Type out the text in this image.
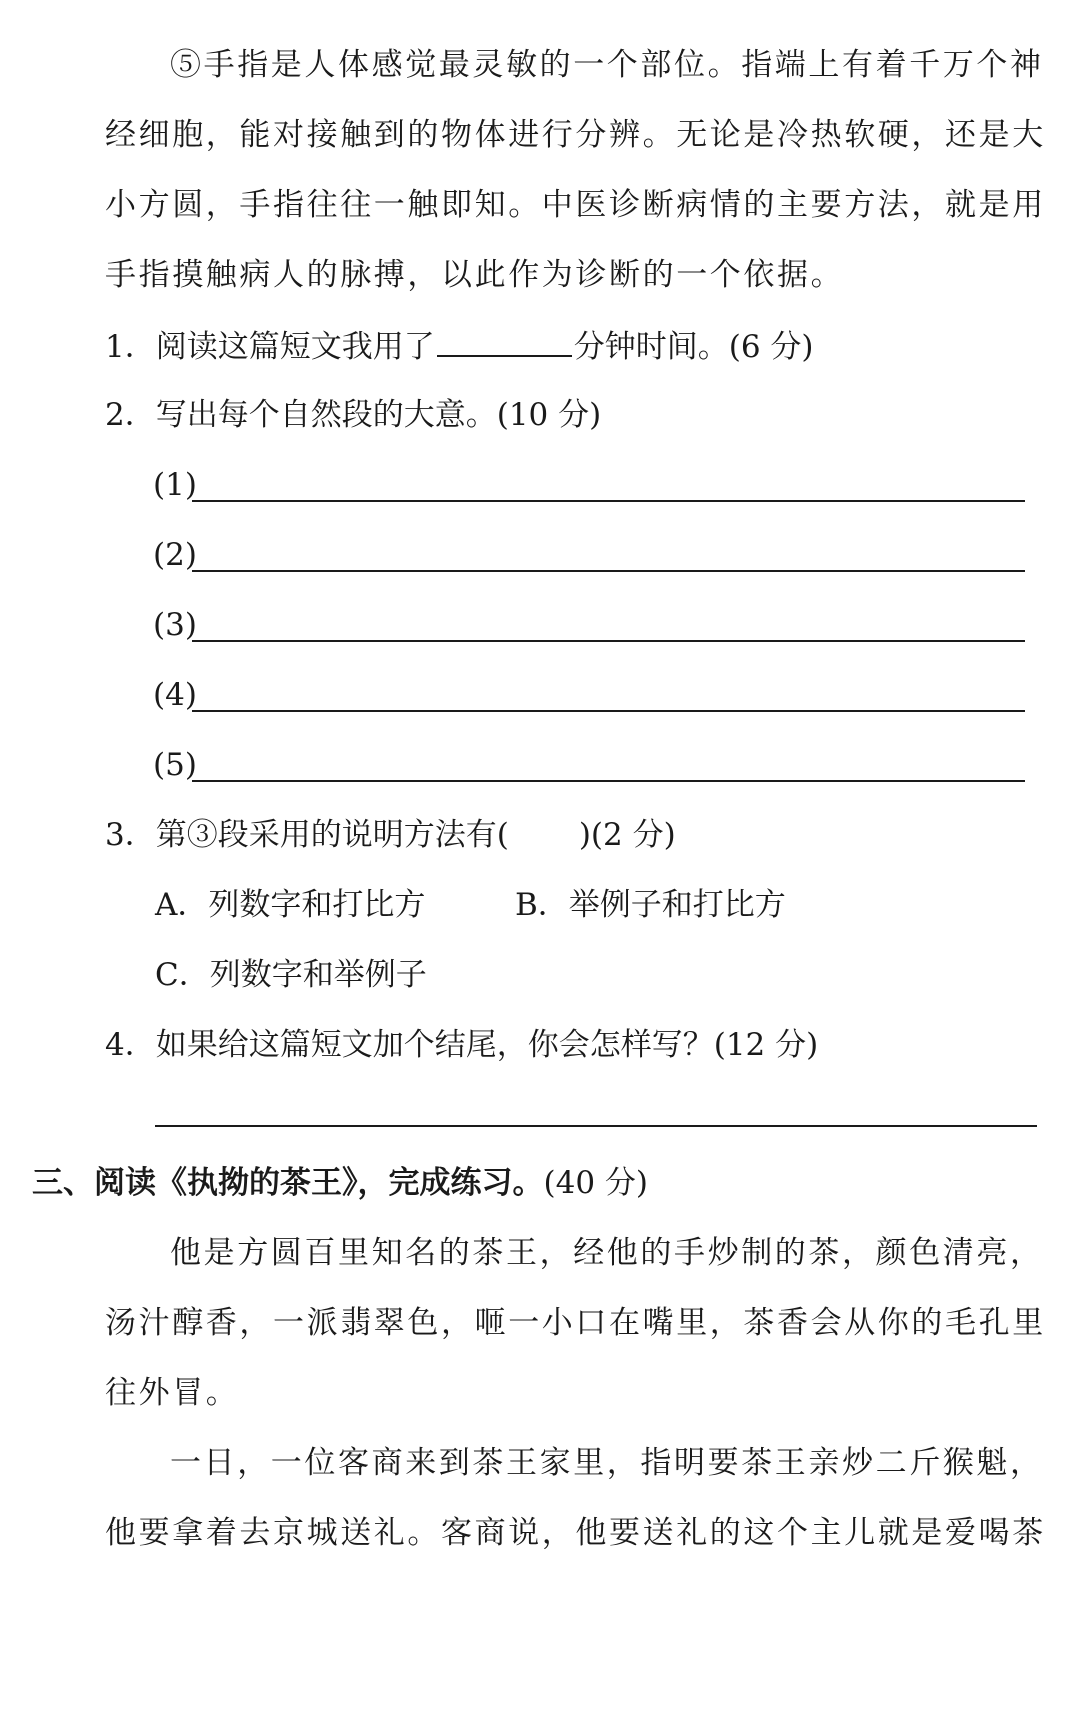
⑤手指是人体感觉最灵敏的一个部位。指端上有着千万个神
经细胞，能对接触到的物体进行分辨。无论是冷热软硬，还是大
小方圆，手指往往一触即知。中医诊断病情的主要方法，就是用
手指摸触病人的脉搏，以此作为诊断的一个依据。
1．阅读这篇短文我用了	分钟时间。(6 分)
2．写出每个自然段的大意。(10 分)
(1)
(2)
(3)
(4)
(5)
3．第③段采用的说明方法有( )(2 分)
A．列数字和打比方	B．举例子和打比方
C．列数字和举例子
4．如果给这篇短文加个结尾，你会怎样写？(12 分)
三、阅读《执拗的茶王》，完成练习。(40 分)
他是方圆百里知名的茶王，经他的手炒制的茶，颜色清亮，
汤汁醇香，一派翡翠色，咂一小口在嘴里，茶香会从你的毛孔里
往外冒。
一日，一位客商来到茶王家里，指明要茶王亲炒二斤猴魁，
他要拿着去京城送礼。客商说，他要送礼的这个主儿就是爱喝茶
